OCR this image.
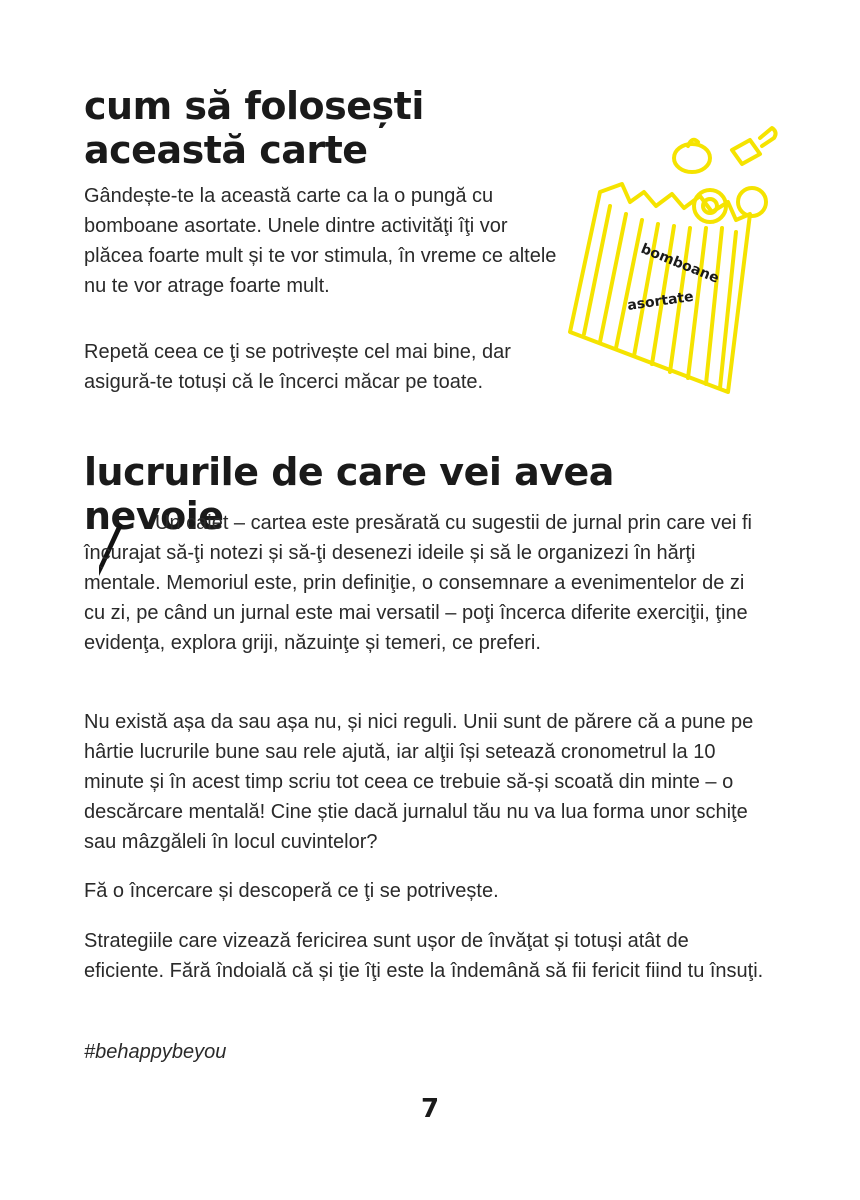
cum să folosești această carte

Gândește-te la această carte ca la o pungă cu bomboane asortate. Unele dintre activităţi îţi vor plăcea foarte mult și te vor stimula, în vreme ce altele nu te vor atrage foarte mult.

Repetă ceea ce ţi se potrivește cel mai bine, dar asigură-te totuși că le încerci măcar pe toate.

bomboane
asortate
lucrurile de care vei avea nevoie

Un caiet – cartea este presărată cu sugestii de jurnal prin care vei fi încurajat să-ţi notezi și să-ţi desenezi ideile și să le organizezi în hărţi mentale. Memoriul este, prin definiţie, o consemnare a evenimentelor de zi cu zi, pe când un jurnal este mai versatil – poţi încerca diferite exerciţii, ţine evidenţa, explora griji, năzuinţe și temeri, ce preferi.

Nu există așa da sau așa nu, și nici reguli. Unii sunt de părere că a pune pe hârtie lucrurile bune sau rele ajută, iar alţii își setează cronometrul la 10 minute și în acest timp scriu tot ceea ce trebuie să-și scoată din minte – o descărcare mentală! Cine știe dacă jurnalul tău nu va lua forma unor schiţe sau mâzgăleli în locul cuvintelor?

Fă o încercare și descoperă ce ţi se potrivește.

Strategiile care vizează fericirea sunt ușor de învăţat și totuși atât de eficiente. Fără îndoială că și ţie îţi este la îndemână să fii fericit fiind tu însuţi.

#behappybeyou

7
